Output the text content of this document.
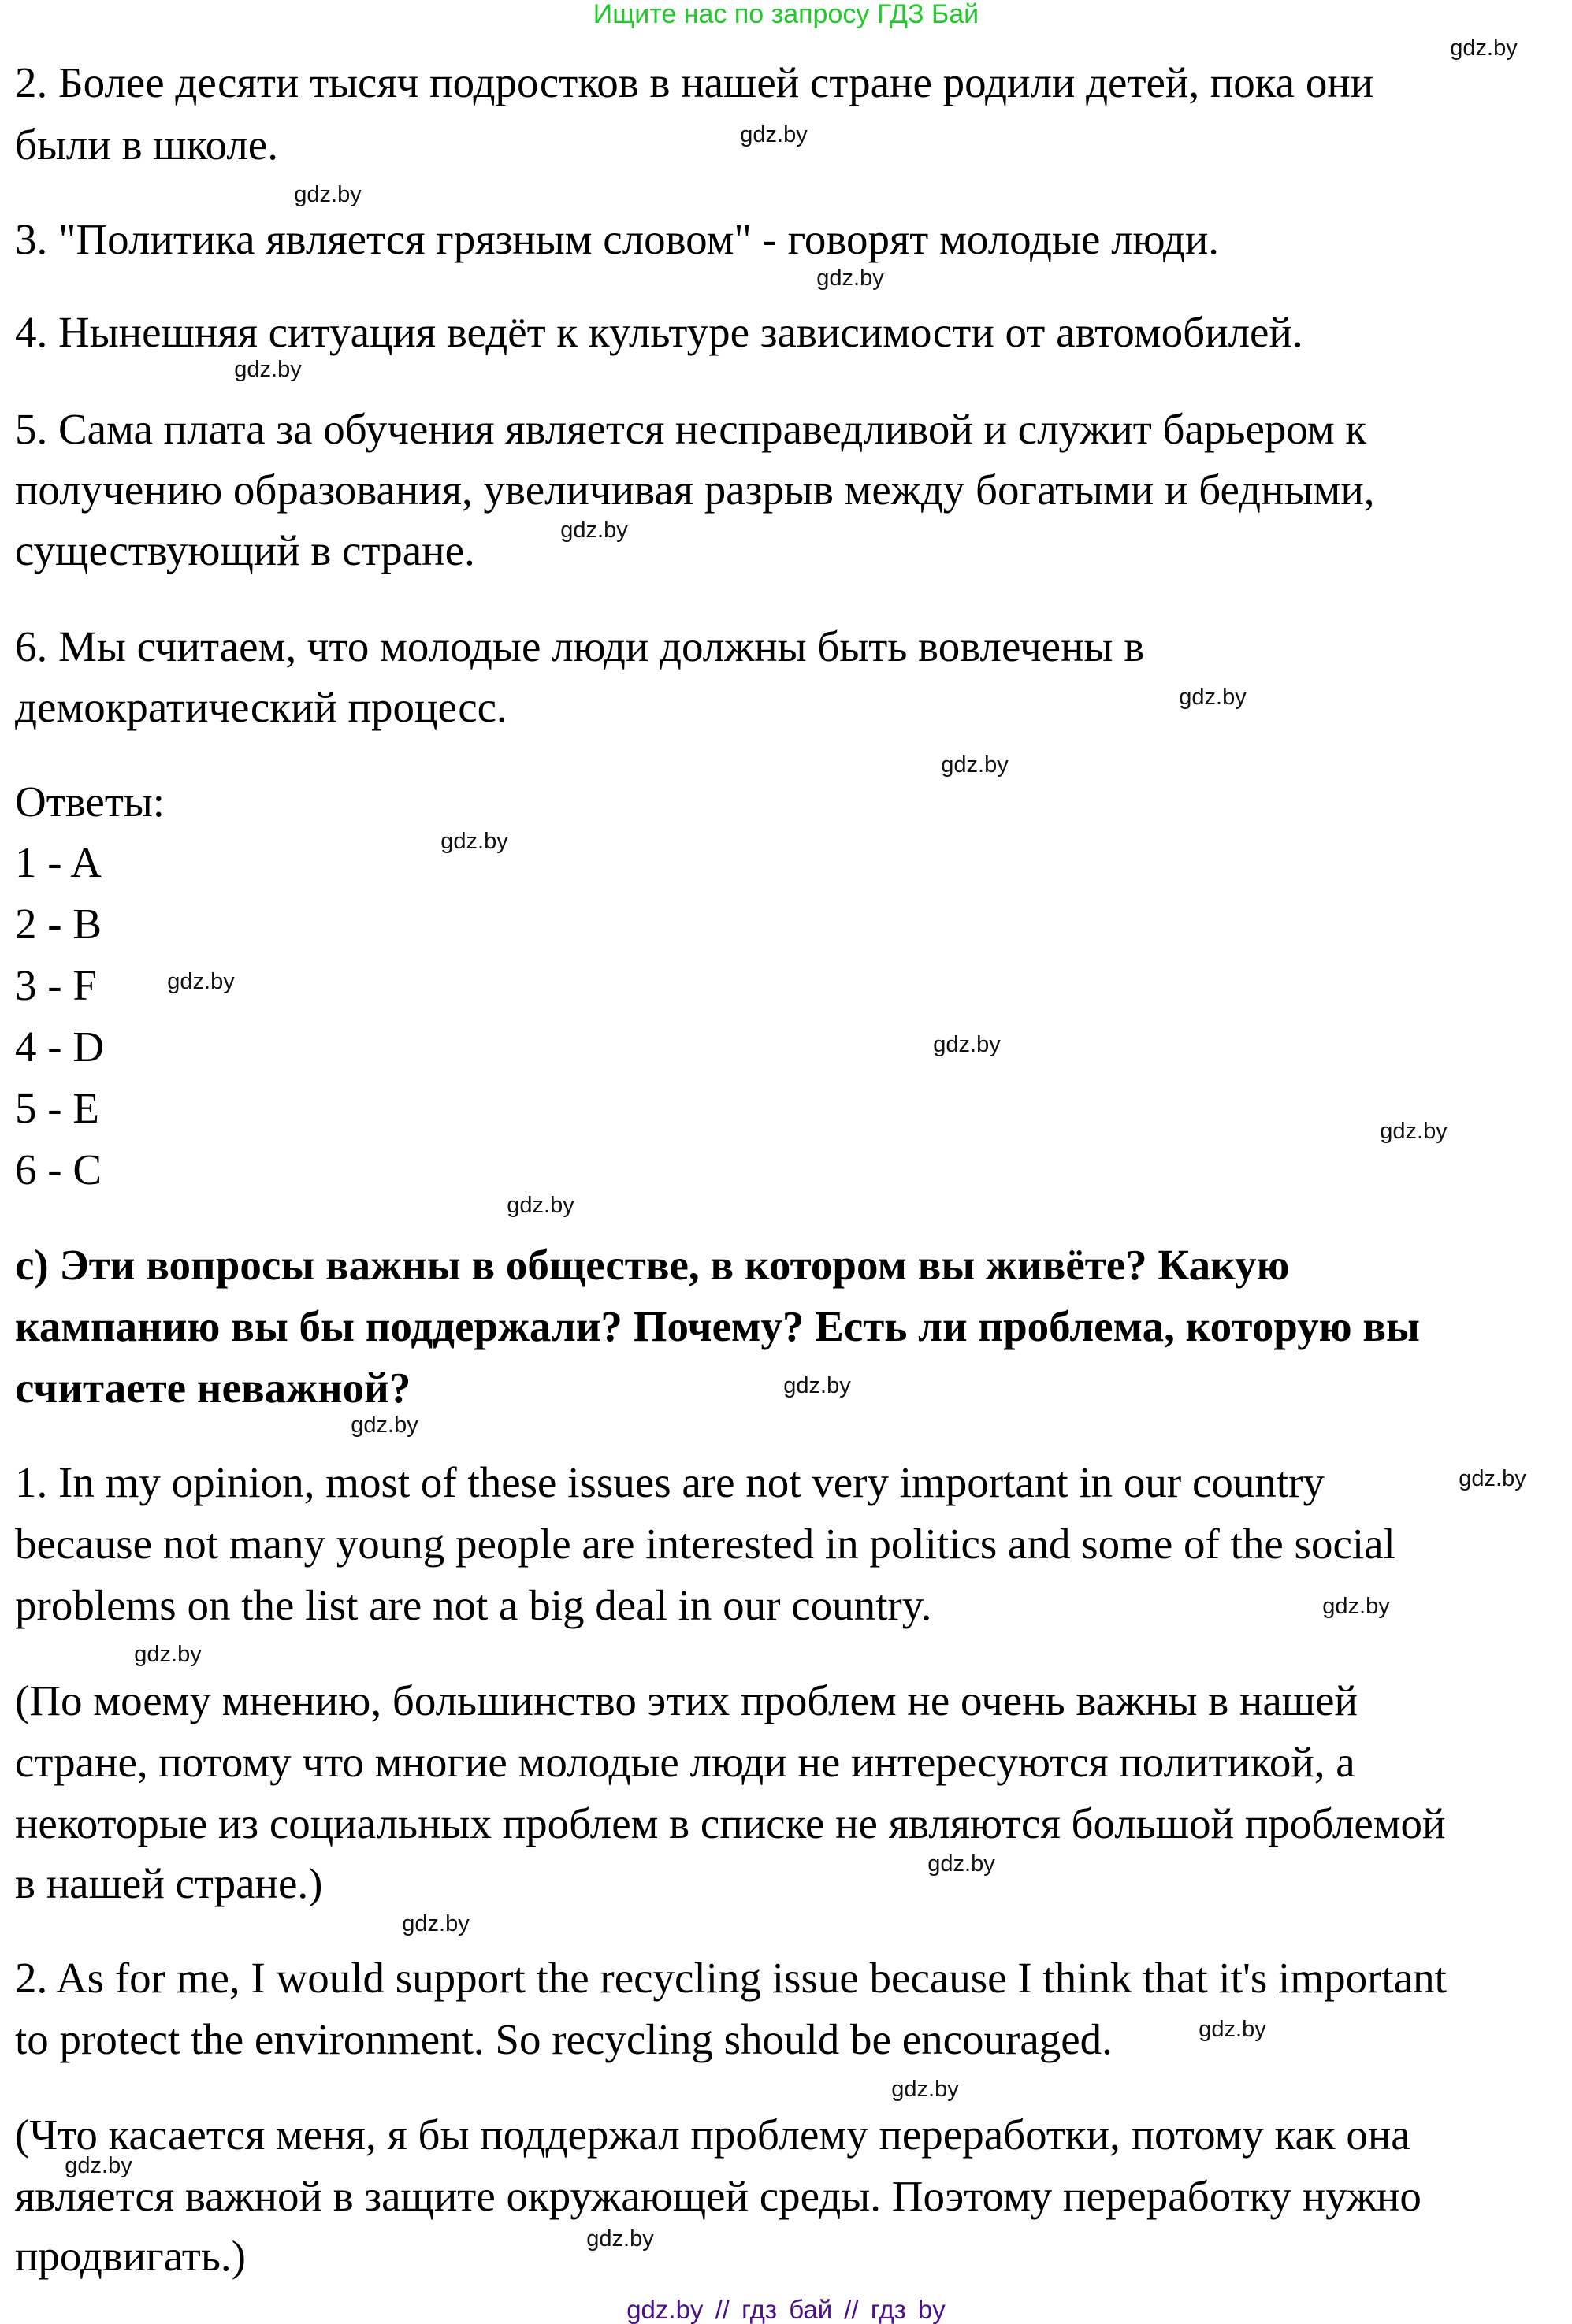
Ищите нас по запросу ГДЗ Бай
2. Более десяти тысяч подростков в нашей стране родили детей, пока они
были в школе.
3. "Политика является грязным словом" - говорят молодые люди.
4. Нынешняя ситуация ведёт к культуре зависимости от автомобилей.
5. Сама плата за обучения является несправедливой и служит барьером к
получению образования, увеличивая разрыв между богатыми и бедными,
существующий в стране.
6. Мы считаем, что молодые люди должны быть вовлечены в
демократический процесс.
Ответы:
1 - A
2 - B
3 - F
4 - D
5 - E
6 - C
c) Эти вопросы важны в обществе, в котором вы живёте? Какую
кампанию вы бы поддержали? Почему? Есть ли проблема, которую вы
считаете неважной?
1. In my opinion, most of these issues are not very important in our country
because not many young people are interested in politics and some of the social
problems on the list are not a big deal in our country.
(По моему мнению, большинство этих проблем не очень важны в нашей
стране, потому что многие молодые люди не интересуются политикой, а
некоторые из социальных проблем в списке не являются большой проблемой
в нашей стране.)
2. As for me, I would support the recycling issue because I think that it's important
to protect the environment. So recycling should be encouraged.
(Что касается меня, я бы поддержал проблему переработки, потому как она
является важной в защите окружающей среды. Поэтому переработку нужно
продвигать.)
gdz.by
gdz.by
gdz.by
gdz.by
gdz.by
gdz.by
gdz.by
gdz.by
gdz.by
gdz.by
gdz.by
gdz.by
gdz.by
gdz.by
gdz.by
gdz.by
gdz.by
gdz.by
gdz.by
gdz.by
gdz.by
gdz.by
gdz.by
gdz.by
gdz.by // гдз бай // гдз by
